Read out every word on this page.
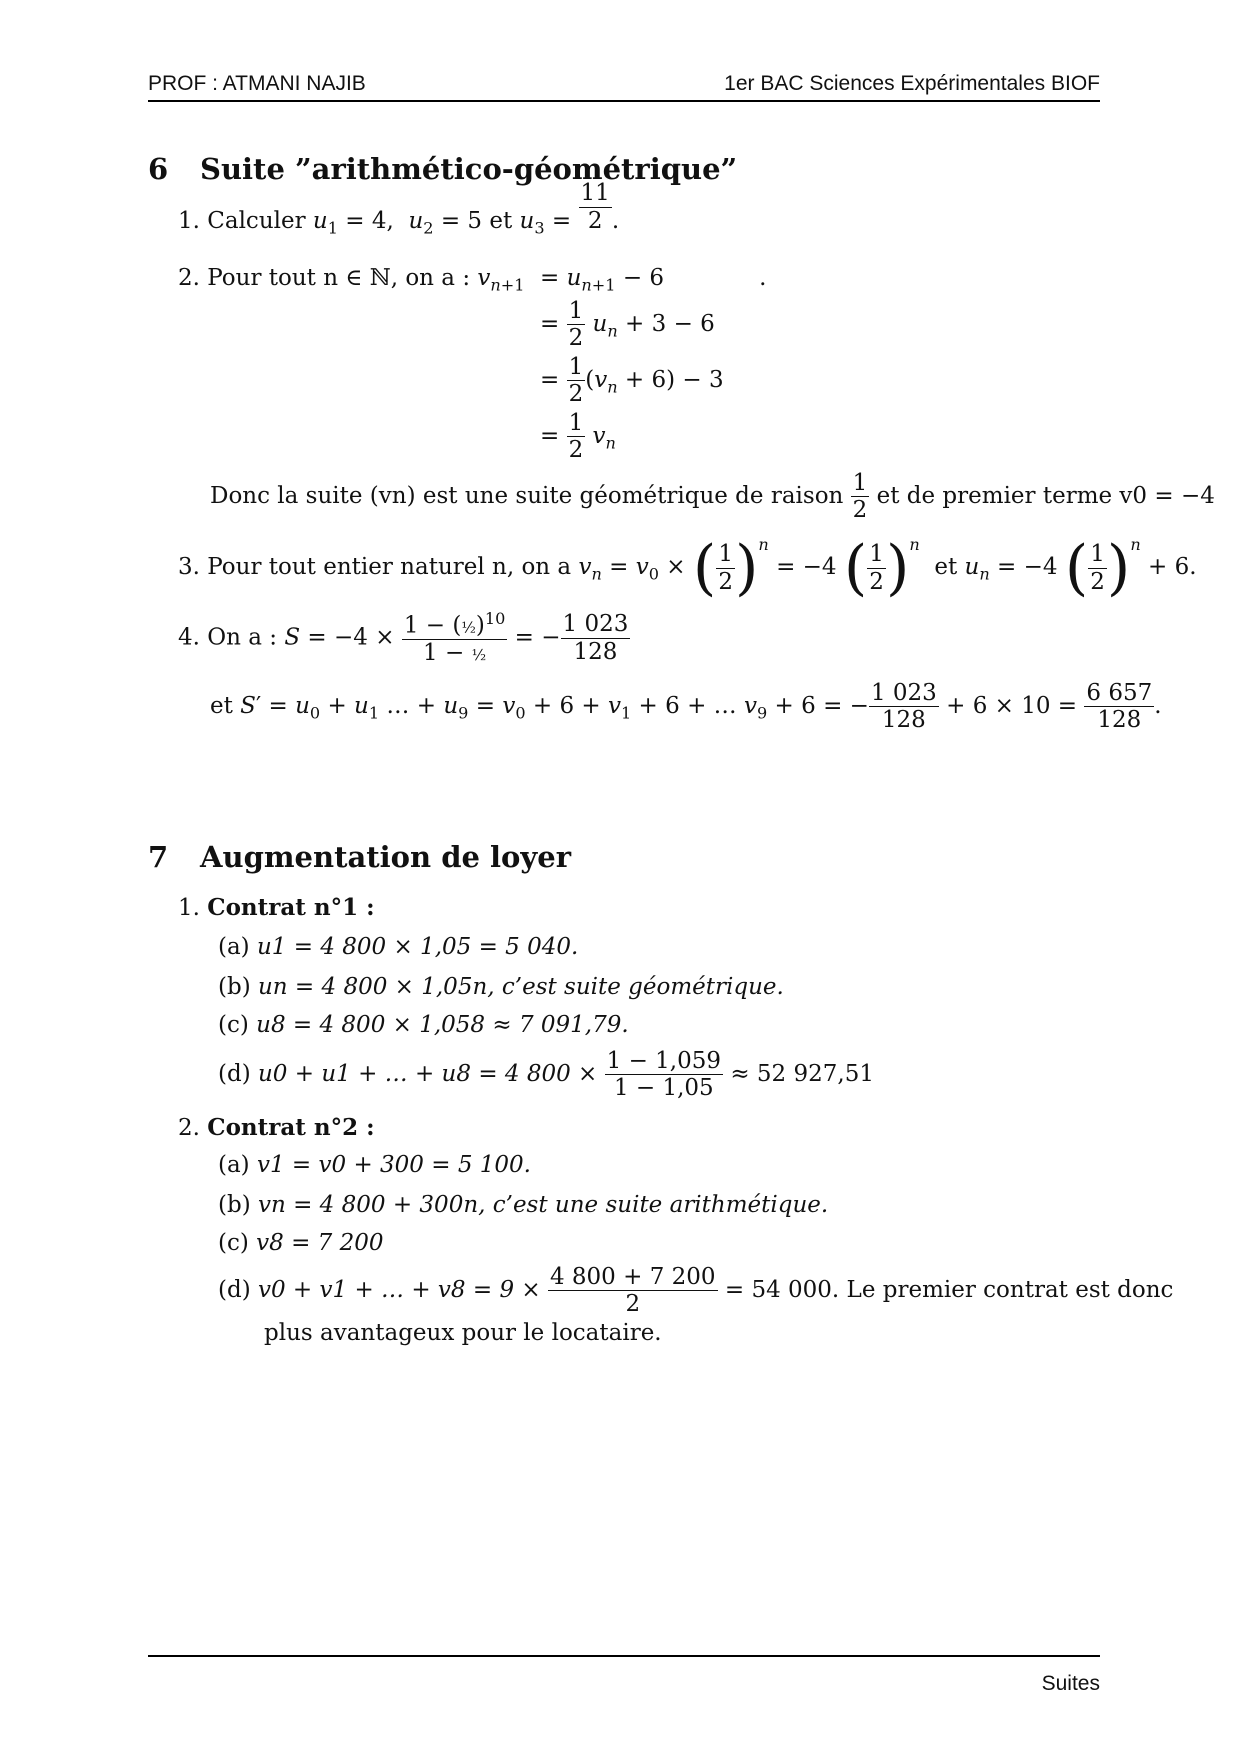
PROF : ATMANI NAJIB	1er BAC Sciences Expérimentales BIOF
6 Suite ”arithmético-géométrique”
1. Calculer $u_1 = 4$,  $u_2 = 5$ et $u_3 = \frac{11}{2}$ .
2. Pour tout n ∈ ℕ, on a : $v_{n+1} = u_{n+1} - 6$             .
= $\frac{1}{2} u_n + 3 - 6$
= $\frac{1}{2} (v_n + 6) - 3$
= $\frac{1}{2} v_n$
Donc la suite (vn) est une suite géométrique de raison $\frac{1}{2}$ et de premier terme v0 = −4
3. Pour tout entier naturel n, on a $v_n = v_0$ × ( $\frac{1}{2} )^n = -4$ ( $\frac{1}{2} )^n$  et $u_n = -4$ ( $\frac{1}{2} )^n + 6$.
4. On a : $S = -4 \times \frac{1 - (\frac{1}{2})^{10}}{\text{1 − ½}}$ = − $\frac{1 023}{128}$
et $S' = u_0 + u_1$ … + $u_9 = v_0 + 6 + v_1 + 6$ + … $v_9 + 6$ = − $\frac{1 023}{128} + 6 \times 10 = \frac{6 657}{128}$ .
7 Augmentation de loyer
1. Contrat n°1 :
(a) u1 = 4 800 × 1,05 = 5 040.
(b) un = 4 800 × 1,05n, c’est suite géométrique.
(c) u8 = 4 800 × 1,058 ≈ 7 091,79.
(d) u0 + u1 + … + u8 = 4 $800 \times \frac{1 - 1,059}{1 - 1,05} \approx 52$ 927,51
2. Contrat n°2 :
(a) v1 = v0 + 300 = 5 100.
(b) vn = 4 800 + 300n, c’est une suite arithmétique.
(c) v8 = 7 200
(d) v0 + v1 + … + $v8 = 9 \times \frac{4 800 + 7 200}{2} = 54$ 000. Le premier contrat est donc
plus avantageux pour le locataire.
Suites
